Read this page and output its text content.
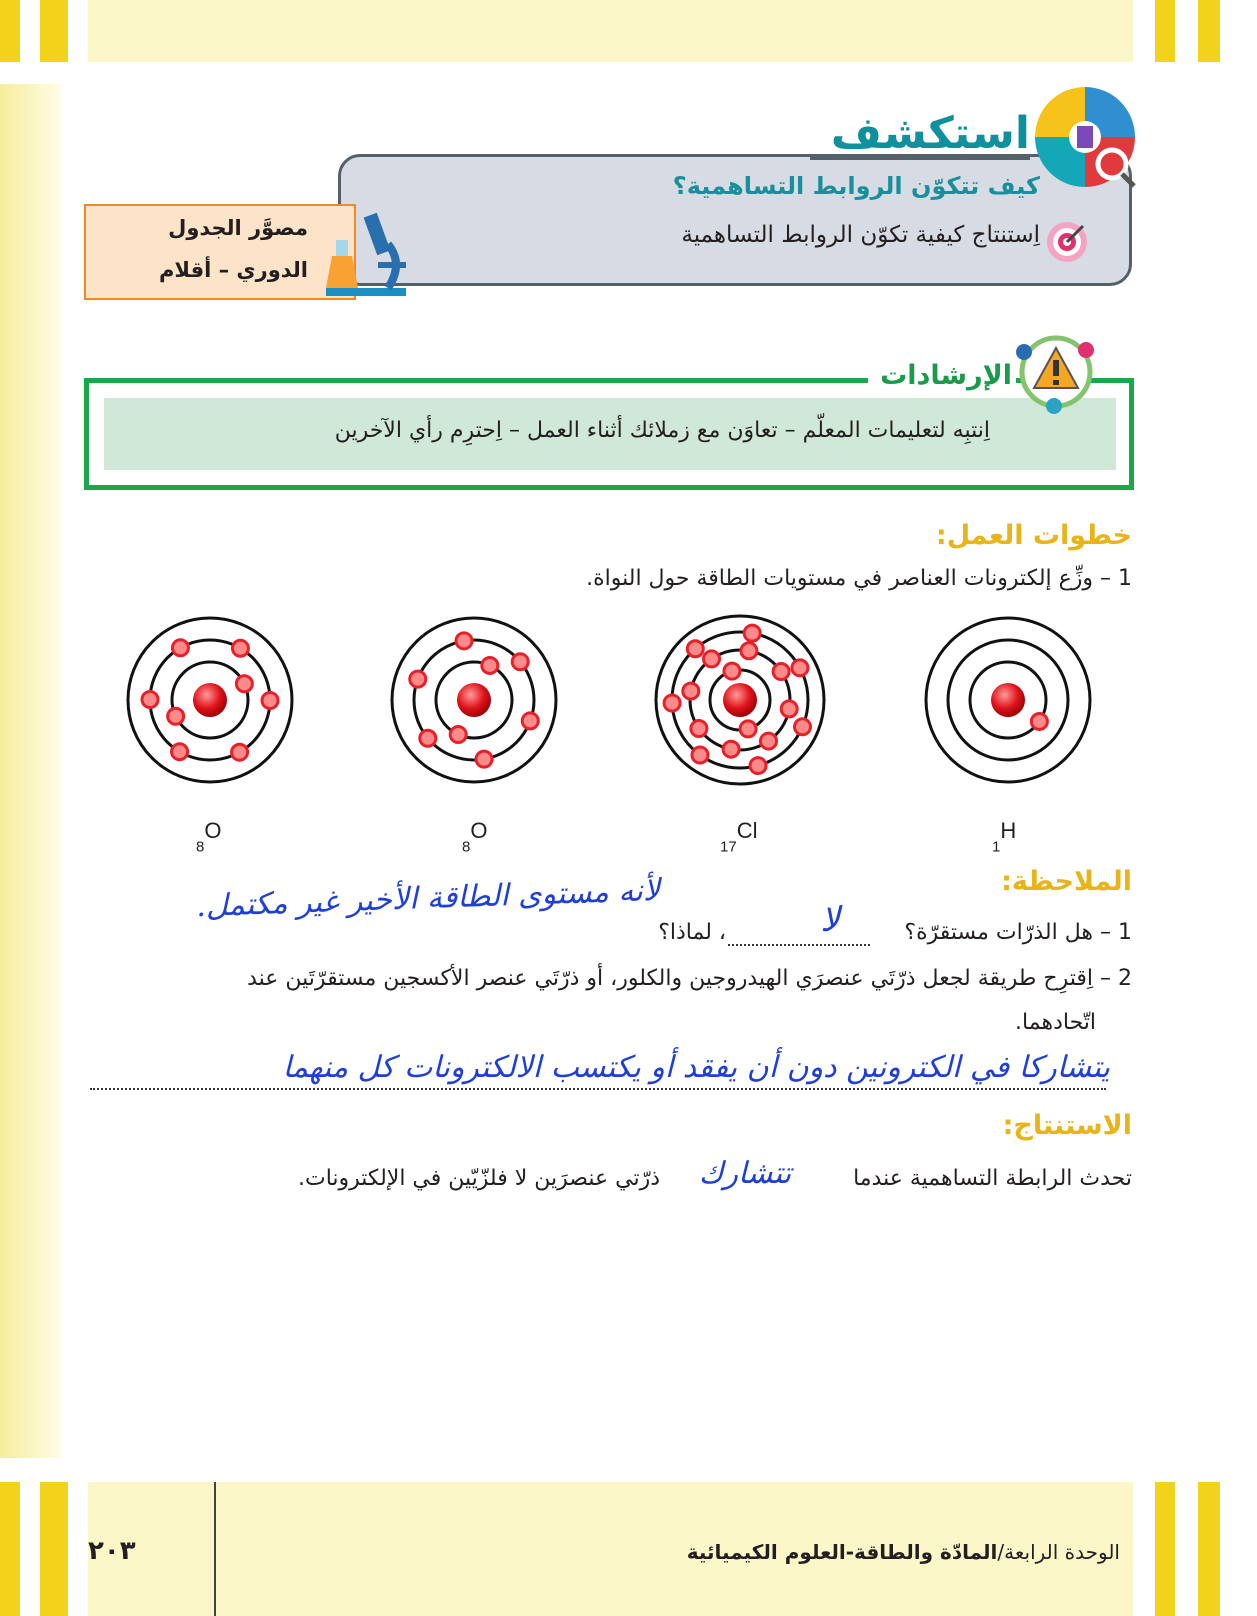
استكشف
كيف تتكوّن الروابط التساهمية؟
اِستنتاج كيفية تكوّن الروابط التساهمية
مصوَّر الجدول
الدوري – أقلام
الإرشادات
اِنتبِه لتعليمات المعلّم – تعاوَن مع زملائك أثناء العمل – اِحترِم رأي الآخرين
خطوات العمل:
1 – وزِّع إلكترونات العناصر في مستويات الطاقة حول النواة.
$_1^H$
$_{17}^{Cl}$
$_8^O$
$_8^O$
الملاحظة:
لأنه مستوى الطاقة الأخير غير مكتمل.
1 – هل الذرّات مستقرّة؟
لا
، لماذا؟
2 – اِقترِح طريقة لجعل ذرّتَي عنصرَي الهيدروجين والكلور، أو ذرّتَي عنصر الأكسجين مستقرّتَين عند
اتّحادهما.
يتشاركا في الكترونين دون أن يفقد أو يكتسب الالكترونات كل منهما
الاستنتاج:
تحدث الرابطة التساهمية عندما
تتشارك
ذرّتي عنصرَين لا فلزّيّين في الإلكترونات.
٢٠٣	الوحدة الرابعة/المادّة والطاقة-العلوم الكيميائية
